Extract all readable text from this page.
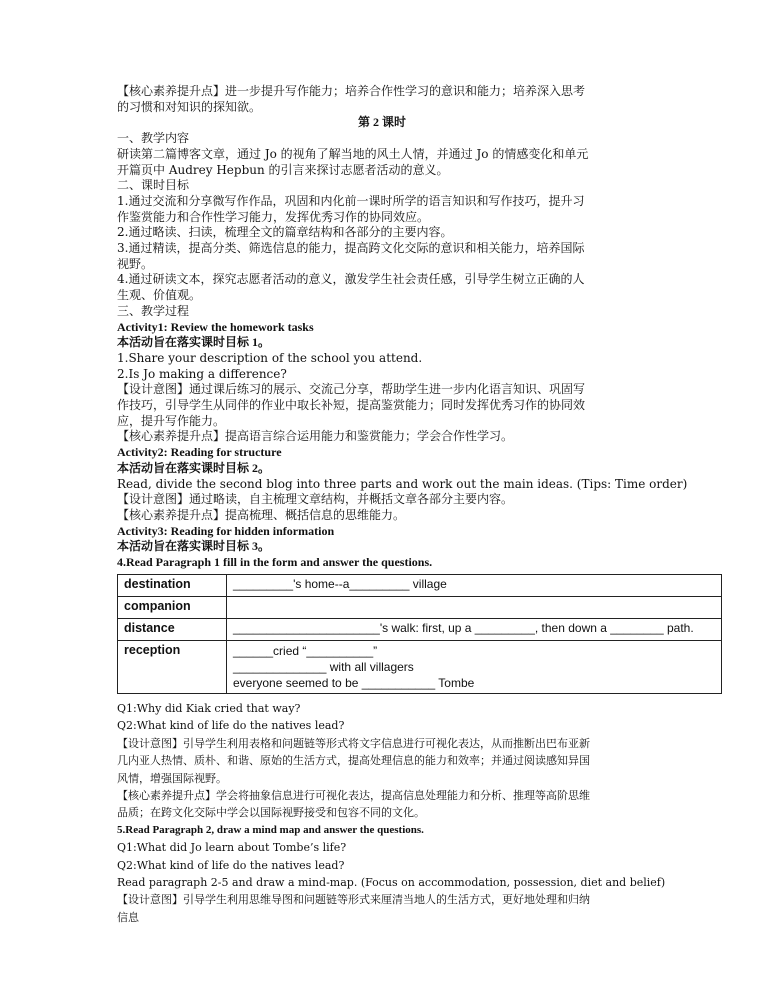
【核心素养提升点】进一步提升写作能力；培养合作性学习的意识和能力；培养深入思考

的习惯和对知识的探知欲。

第 2 课时

一、教学内容

研读第二篇博客文章，通过 Jo 的视角了解当地的风土人情，并通过 Jo 的情感变化和单元

开篇页中 Audrey Hepbun 的引言来探讨志愿者活动的意义。

二、课时目标

1.通过交流和分享微写作作品，巩固和内化前一课时所学的语言知识和写作技巧，提升习

作鉴赏能力和合作性学习能力，发挥优秀习作的协同效应。

2.通过略读、扫读，梳理全文的篇章结构和各部分的主要内容。

3.通过精读，提高分类、筛选信息的能力，提高跨文化交际的意识和相关能力，培养国际

视野。

4.通过研读文本，探究志愿者活动的意义，激发学生社会责任感，引导学生树立正确的人

生观、价值观。

三、教学过程

Activity1: Review the homework tasks

本活动旨在落实课时目标 1。

1.Share your description of the school you attend.

2.Is Jo making a difference?

【设计意图】通过课后练习的展示、交流己分享，帮助学生进一步内化语言知识、巩固写

作技巧，引导学生从同伴的作业中取长补短，提高鉴赏能力；同时发挥优秀习作的协同效

应，提升写作能力。

【核心素养提升点】提高语言综合运用能力和鉴赏能力；学会合作性学习。

Activity2: Reading for structure

本活动旨在落实课时目标 2。

Read, divide the second blog into three parts and work out the main ideas. (Tips: Time order)

【设计意图】通过略读，自主梳理文章结构，并概括文章各部分主要内容。

【核心素养提升点】提高梳理、概括信息的思维能力。

Activity3: Reading for hidden information

本活动旨在落实课时目标 3。

4.Read Paragraph 1 fill in the form and answer the questions.

destination	_________'s home--a_________ village
companion	
distance	______________________'s walk: first, up a _________, then down a ________ path.
reception	______cried “__________”
______________ with all villagers
everyone seemed to be ___________ Tombe

Q1:Why did Kiak cried that way?

Q2:What kind of life do the natives lead?

【设计意图】引导学生利用表格和问题链等形式将文字信息进行可视化表达，从而推断出巴布亚新

几内亚人热情、质朴、和谐、原始的生活方式，提高处理信息的能力和效率；并通过阅读感知异国

风情，增强国际视野。

【核心素养提升点】学会将抽象信息进行可视化表达，提高信息处理能力和分析、推理等高阶思维

品质；在跨文化交际中学会以国际视野接受和包容不同的文化。

5.Read Paragraph 2, draw a mind map and answer the questions.

Q1:What did Jo learn about Tombe’s life?

Q2:What kind of life do the natives lead?

Read paragraph 2-5 and draw a mind-map. (Focus on accommodation, possession, diet and belief)

【设计意图】引导学生利用思维导图和问题链等形式来厘清当地人的生活方式，更好地处理和归纳

信息
